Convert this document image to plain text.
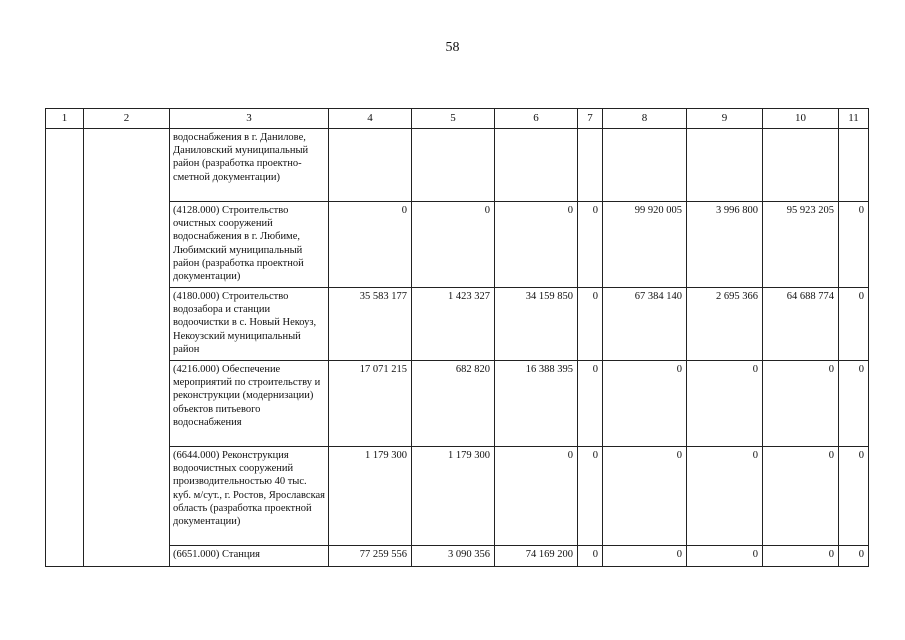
58
1	2	3	4	5	6	7	8	9	10	11
		водоснабжения в г. Данилове, Даниловский муниципальный район (разработка проектно-сметной документации)								
		(4128.000) Строительство очистных сооружений водоснабжения в г. Любиме, Любимский муниципальный район (разработка проектной документации)	0	0	0	0	99 920 005	3 996 800	95 923 205	0
		(4180.000) Строительство водозабора и станции водоочистки в с. Новый Некоуз, Некоузский муниципальный район	35 583 177	1 423 327	34 159 850	0	67 384 140	2 695 366	64 688 774	0
		(4216.000) Обеспечение мероприятий по строительству и реконструкции (модернизации) объектов питьевого водоснабжения	17 071 215	682 820	16 388 395	0	0	0	0	0
		(6644.000) Реконструкция водоочистных сооружений производительностью 40 тыс. куб. м/сут., г. Ростов, Ярославская область (разработка проектной документации)	1 179 300	1 179 300	0	0	0	0	0	0
		(6651.000) Станция	77 259 556	3 090 356	74 169 200	0	0	0	0	0
